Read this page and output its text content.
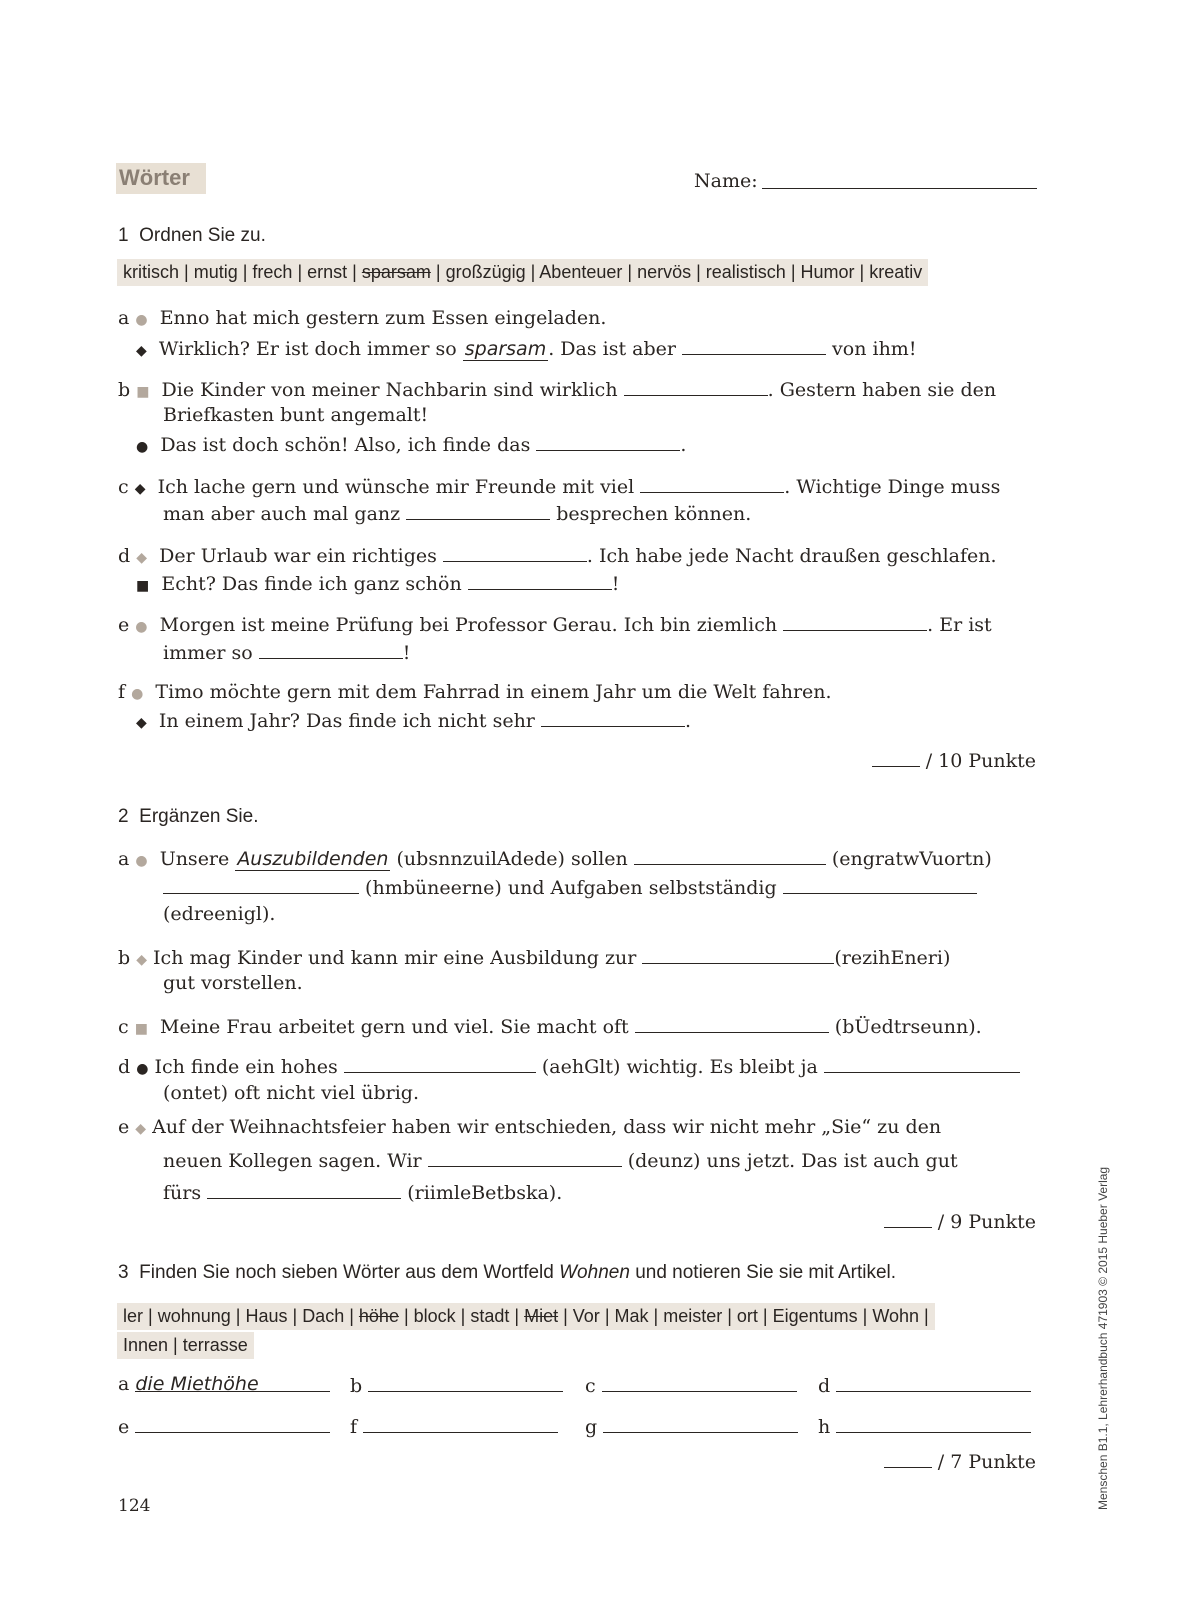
Wörter	Name:
1 Ordnen Sie zu.
kritisch | mutig | frech | ernst | sparsam | großzügig | Abenteuer | nervös | realistisch | Humor | kreativ
a ● Enno hat mich gestern zum Essen eingeladen.
◆ Wirklich? Er ist doch immer so sparsam . Das ist aber	von ihm!
b ■ Die Kinder von meiner Nachbarin sind wirklich	. Gestern haben sie den
Briefkasten bunt angemalt!
● Das ist doch schön! Also, ich finde das	.
c ◆ Ich lache gern und wünsche mir Freunde mit viel	. Wichtige Dinge muss
man aber auch mal ganz	besprechen können.
d ◆ Der Urlaub war ein richtiges	. Ich habe jede Nacht draußen geschlafen.
■ Echt? Das finde ich ganz schön	!
e ● Morgen ist meine Prüfung bei Professor Gerau. Ich bin ziemlich	. Er ist
immer so	!
f ● Timo möchte gern mit dem Fahrrad in einem Jahr um die Welt fahren.
◆ In einem Jahr? Das finde ich nicht sehr	.
/ 10 Punkte
2 Ergänzen Sie.
a ● Unsere Auszubildenden (ubsnnzuilAdede) sollen	(engratwVuortn)
(hmbüneerne) und Aufgaben selbstständig
(edreenigl).
b ◆ Ich mag Kinder und kann mir eine Ausbildung zur	(rezihEneri)
gut vorstellen.
c ■ Meine Frau arbeitet gern und viel. Sie macht oft	(bÜedtrseunn).
d ● Ich finde ein hohes	(aehGlt) wichtig. Es bleibt ja
(ontet) oft nicht viel übrig.
e ◆ Auf der Weihnachtsfeier haben wir entschieden, dass wir nicht mehr „Sie“ zu den
neuen Kollegen sagen. Wir	(deunz) uns jetzt. Das ist auch gut
fürs	(riimleBetbska).
/ 9 Punkte
3 Finden Sie noch sieben Wörter aus dem Wortfeld Wohnen und notieren Sie sie mit Artikel.
ler | wohnung | Haus | Dach | höhe | block | stadt | Miet | Vor | Mak | meister | ort | Eigentums | Wohn |
Innen | terrasse
a die Miethöhe	b	c	d
e	f	g	h
/ 7 Punkte
124	Menschen B1.1, Lehrerhandbuch 471903 © 2015 Hueber Verlag
